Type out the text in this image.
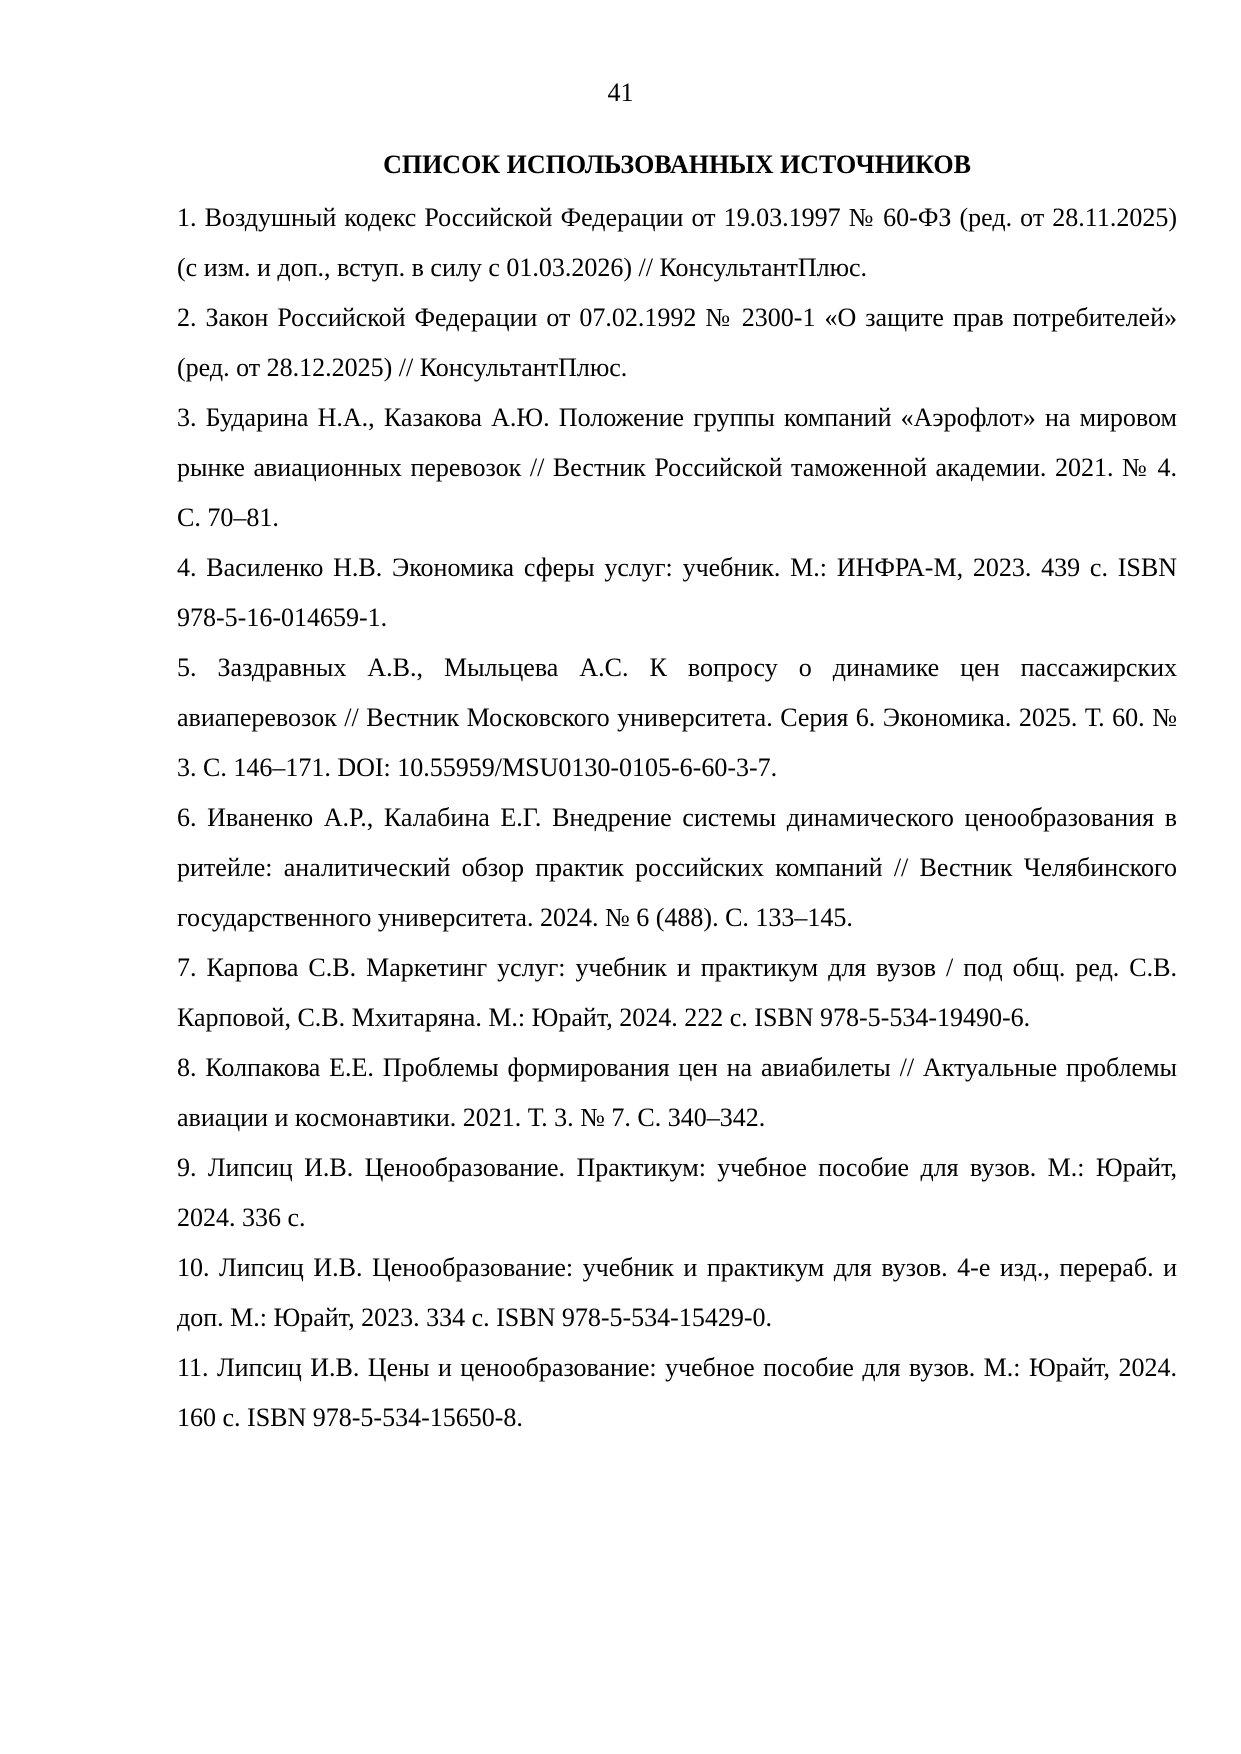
41
СПИСОК ИСПОЛЬЗОВАННЫХ ИСТОЧНИКОВ
1. Воздушный кодекс Российской Федерации от 19.03.1997 № 60-ФЗ (ред. от 28.11.2025) (с изм. и доп., вступ. в силу с 01.03.2026) // КонсультантПлюс.
2. Закон Российской Федерации от 07.02.1992 № 2300-1 «О защите прав потребителей» (ред. от 28.12.2025) // КонсультантПлюс.
3. Бударина Н.А., Казакова А.Ю. Положение группы компаний «Аэрофлот» на мировом рынке авиационных перевозок // Вестник Российской таможенной академии. 2021. № 4. С. 70–81.
4. Василенко Н.В. Экономика сферы услуг: учебник. М.: ИНФРА-М, 2023. 439 с. ISBN 978-5-16-014659-1.
5. Заздравных А.В., Мыльцева А.С. К вопросу о динамике цен пассажирских авиаперевозок // Вестник Московского университета. Серия 6. Экономика. 2025. Т. 60. № 3. С. 146–171. DOI: 10.55959/MSU0130-0105-6-60-3-7.
6. Иваненко А.Р., Калабина Е.Г. Внедрение системы динамического ценообразования в ритейле: аналитический обзор практик российских компаний // Вестник Челябинского государственного университета. 2024. № 6 (488). С. 133–145.
7. Карпова С.В. Маркетинг услуг: учебник и практикум для вузов / под общ. ред. С.В. Карповой, С.В. Мхитаряна. М.: Юрайт, 2024. 222 с. ISBN 978-5-534-19490-6.
8. Колпакова Е.Е. Проблемы формирования цен на авиабилеты // Актуальные проблемы авиации и космонавтики. 2021. Т. 3. № 7. С. 340–342.
9. Липсиц И.В. Ценообразование. Практикум: учебное пособие для вузов. М.: Юрайт, 2024. 336 с.
10. Липсиц И.В. Ценообразование: учебник и практикум для вузов. 4-е изд., перераб. и доп. М.: Юрайт, 2023. 334 с. ISBN 978-5-534-15429-0.
11. Липсиц И.В. Цены и ценообразование: учебное пособие для вузов. М.: Юрайт, 2024. 160 с. ISBN 978-5-534-15650-8.
